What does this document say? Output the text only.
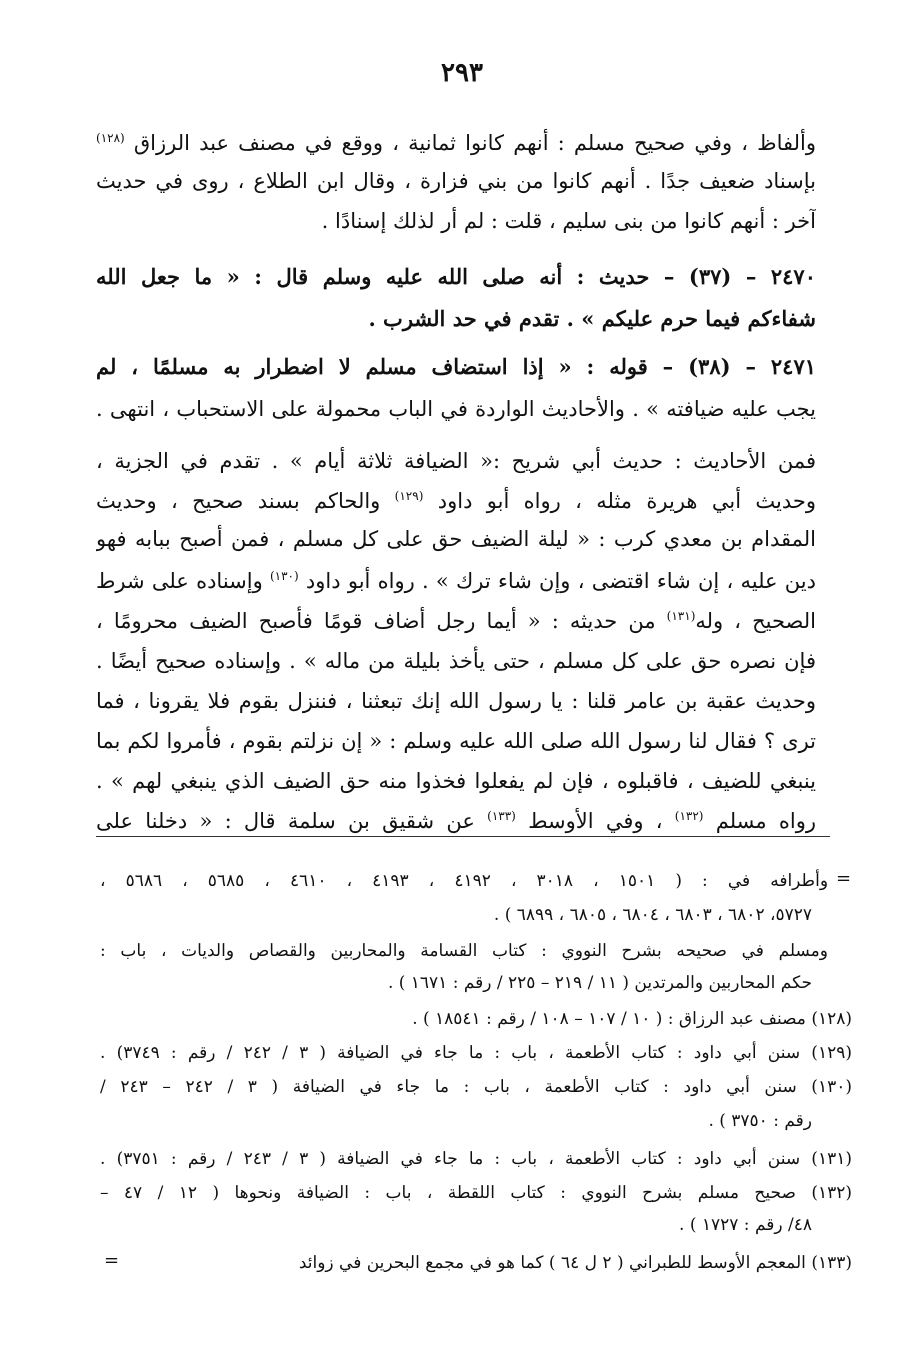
٢٩٣
وألفاظ ، وفي صحيح مسلم : أنهم كانوا ثمانية ، ووقع في مصنف عبد الرزاق $^{(١٢٨)}$
بإسناد ضعيف جدًا . أنهم كانوا من بني فزارة ، وقال ابن الطلاع ، روى في حديث
آخر : أنهم كانوا من بنى سليم ، قلت : لم أر لذلك إسنادًا .
٢٤٧٠ – (٣٧) – حديث : أنه صلى الله عليه وسلم قال : « ما جعل الله
شفاءكم فيما حرم عليكم » . تقدم في حد الشرب .
٢٤٧١ – (٣٨) – قوله : « إذا استضاف مسلم لا اضطرار به مسلمًا ، لم
يجب عليه ضيافته » . والأحاديث الواردة في الباب محمولة على الاستحباب ، انتهى .
فمن الأحاديث : حديث أبي شريح :« الضيافة ثلاثة أيام » . تقدم في الجزية ،
وحديث أبي هريرة مثله ، رواه أبو داود $^{(١٢٩)}$ والحاكم بسند صحيح ، وحديث
المقدام بن معدي كرب : « ليلة الضيف حق على كل مسلم ، فمن أصبح ببابه فهو
دين عليه ، إن شاء اقتضى ، وإن شاء ترك » . رواه أبو داود $^{(١٣٠)}$ وإسناده على شرط
الصحيح ، وله$^{(١٣١)}$ من حديثه : « أيما رجل أضاف قومًا فأصبح الضيف محرومًا ،
فإن نصره حق على كل مسلم ، حتى يأخذ بليلة من ماله » . وإسناده صحيح أيضًا .
وحديث عقبة بن عامر قلنا : يا رسول الله إنك تبعثنا ، فننزل بقوم فلا يقرونا ، فما
ترى ؟ فقال لنا رسول الله صلى الله عليه وسلم : « إن نزلتم بقوم ، فأمروا لكم بما
ينبغي للضيف ، فاقبلوه ، فإن لم يفعلوا فخذوا منه حق الضيف الذي ينبغي لهم » .
رواه مسلم $^{(١٣٢)}$ ، وفي الأوسط $^{(١٣٣)}$ عن شقيق بن سلمة قال : « دخلنا على
=
وأطرافه في : ( ١٥٠١ ، ٣٠١٨ ، ٤١٩٢ ، ٤١٩٣ ، ٤٦١٠ ، ٥٦٨٥ ، ٥٦٨٦ ،
٥٧٢٧، ٦٨٠٢ ، ٦٨٠٣ ، ٦٨٠٤ ، ٦٨٠٥ ، ٦٨٩٩ ) .
ومسلم في صحيحه بشرح النووي : كتاب القسامة والمحاربين والقصاص والديات ، باب :
حكم المحاربين والمرتدين ( ١١ / ٢١٩ – ٢٢٥ / رقم : ١٦٧١ ) .
(١٢٨) مصنف عبد الرزاق : ( ١٠ / ١٠٧ – ١٠٨ / رقم : ١٨٥٤١ ) .
(١٢٩) سنن أبي داود : كتاب الأطعمة ، باب : ما جاء في الضيافة ( ٣ / ٢٤٢ / رقم : ٣٧٤٩) .
(١٣٠) سنن أبي داود : كتاب الأطعمة ، باب : ما جاء في الضيافة ( ٣ / ٢٤٢ – ٢٤٣ /
رقم : ٣٧٥٠ ) .
(١٣١) سنن أبي داود : كتاب الأطعمة ، باب : ما جاء في الضيافة ( ٣ / ٢٤٣ / رقم : ٣٧٥١) .
(١٣٢) صحيح مسلم بشرح النووي : كتاب اللقطة ، باب : الضيافة ونحوها ( ١٢ / ٤٧ –
٤٨/ رقم : ١٧٢٧ ) .
(١٣٣) المعجم الأوسط للطبراني ( ٢ ل ٦٤ ) كما هو في مجمع البحرين في زوائد
=
